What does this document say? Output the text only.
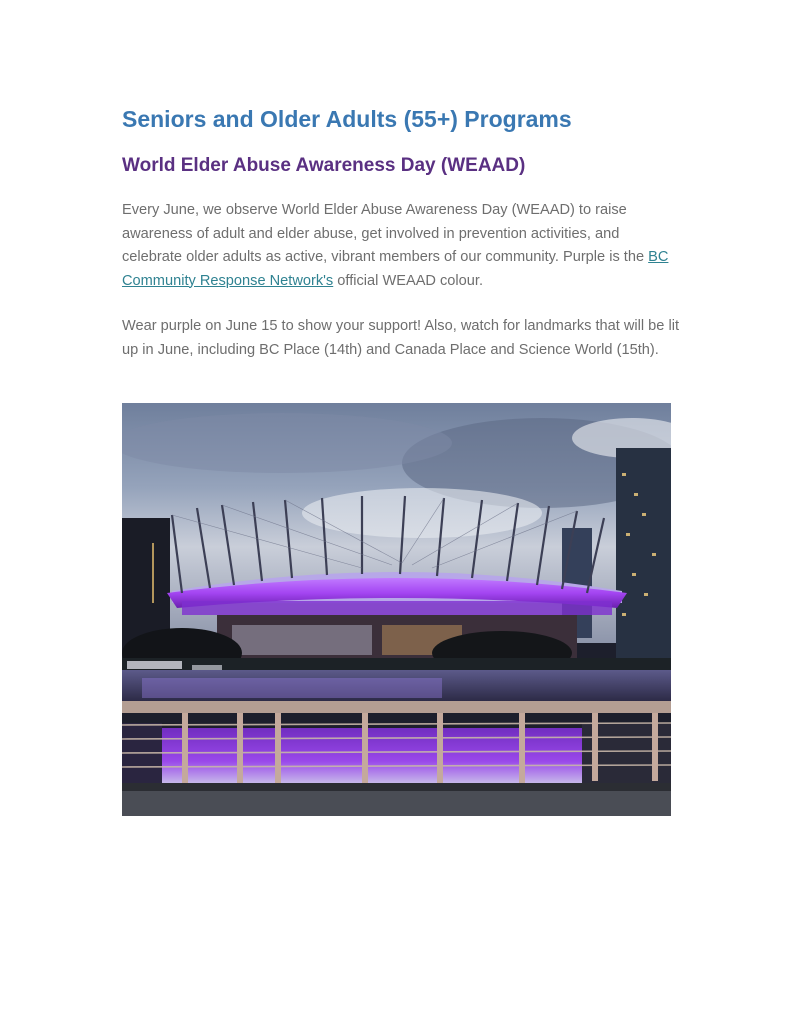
Seniors and Older Adults (55+) Programs
World Elder Abuse Awareness Day (WEAAD)

Every June, we observe World Elder Abuse Awareness Day (WEAAD) to raise awareness of adult and elder abuse, get involved in prevention activities, and celebrate older adults as active, vibrant members of our community. Purple is the BC Community Response Network's official WEAAD colour.

Wear purple on June 15 to show your support! Also, watch for landmarks that will be lit up in June, including BC Place (14th) and Canada Place and Science World (15th).
